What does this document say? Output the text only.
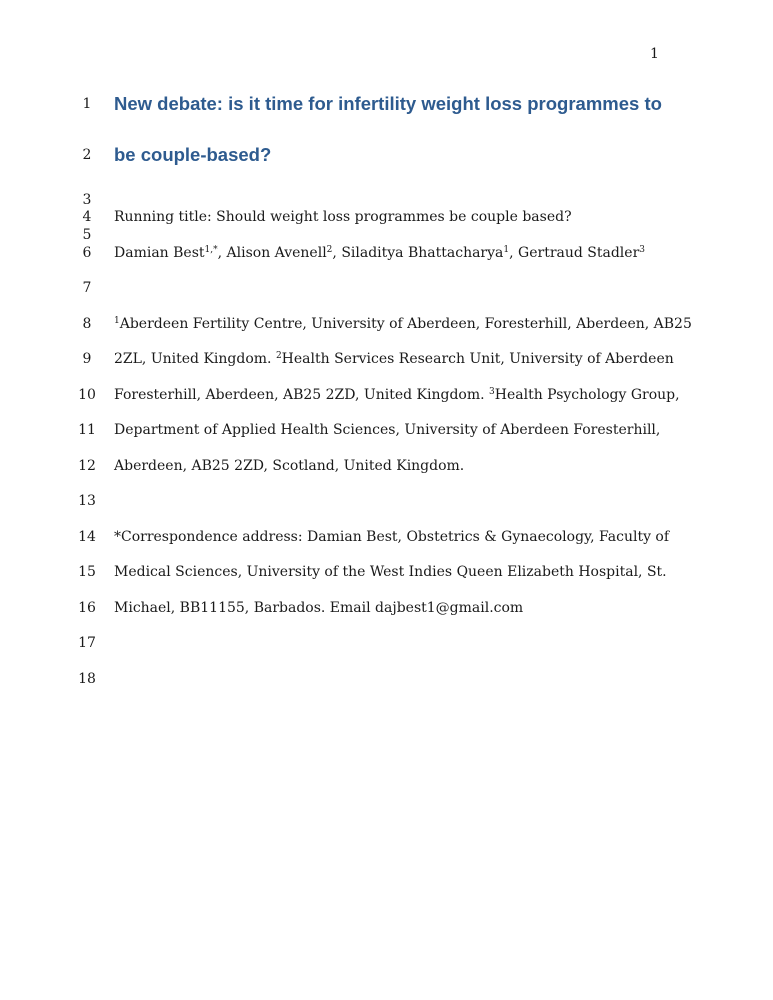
1
1
2
3
4
5
6
7
8
9
10
11
12
13
14
15
16
17
18
New debate: is it time for infertility weight loss programmes to
be couple-based?
Running title: Should weight loss programmes be couple based?
Damian Best$^{1,*}$, Alison Avenell$^2$, Siladitya Bhattacharya$^1$, Gertraud Stadler$^3$
$^1$Aberdeen Fertility Centre, University of Aberdeen, Foresterhill, Aberdeen, AB25
2ZL, United Kingdom. $^2$Health Services Research Unit, University of Aberdeen
Foresterhill, Aberdeen, AB25 2ZD, United Kingdom. $^3$Health Psychology Group,
Department of Applied Health Sciences, University of Aberdeen Foresterhill,
Aberdeen, AB25 2ZD, Scotland, United Kingdom.
*Correspondence address: Damian Best, Obstetrics & Gynaecology, Faculty of
Medical Sciences, University of the West Indies Queen Elizabeth Hospital, St.
Michael, BB11155, Barbados. Email dajbest1@gmail.com
